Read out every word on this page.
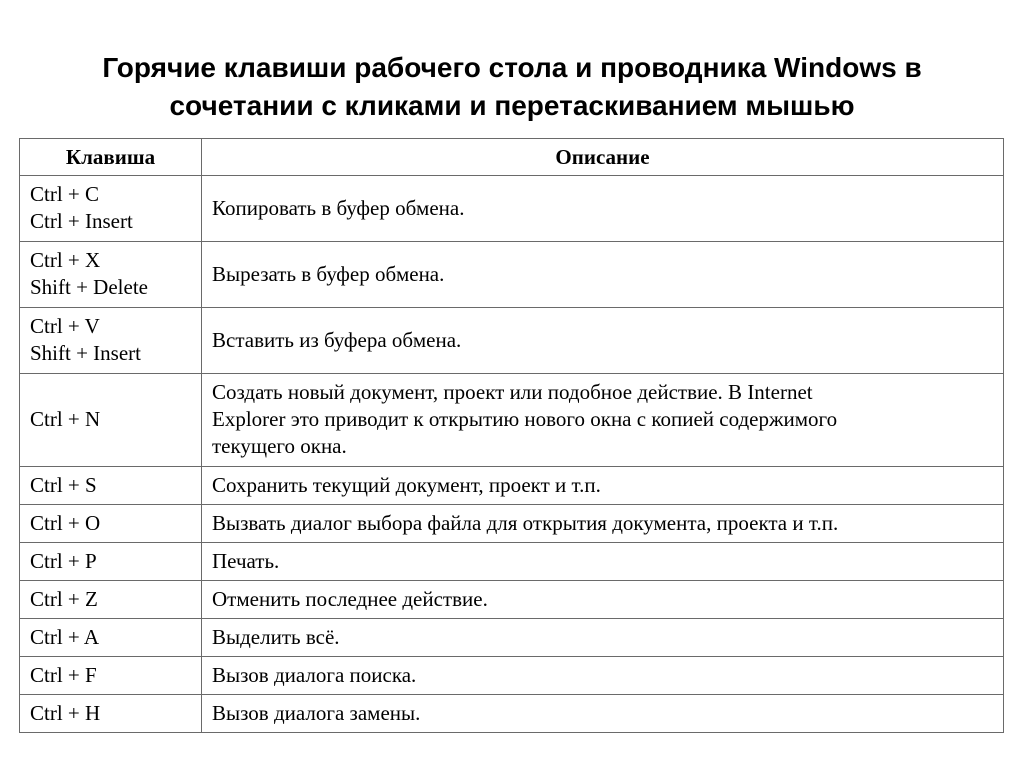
Горячие клавиши рабочего стола и проводника Windows в
сочетании с кликами и перетаскиванием мышью
Клавиша	Описание

Ctrl + C
Ctrl + Insert	Копировать в буфер обмена.

Ctrl + X
Shift + Delete	Вырезать в буфер обмена.

Ctrl + V
Shift + Insert	Вставить из буфера обмена.

Ctrl + N	Создать новый документ, проект или подобное действие. В Internet
Explorer это приводит к открытию нового окна с копией содержимого
текущего окна.

Ctrl + S	Сохранить текущий документ, проект и т.п.

Ctrl + O	Вызвать диалог выбора файла для открытия документа, проекта и т.п.

Ctrl + P	Печать.

Ctrl + Z	Отменить последнее действие.

Ctrl + A	Выделить всё.

Ctrl + F	Вызов диалога поиска.

Ctrl + H	Вызов диалога замены.
